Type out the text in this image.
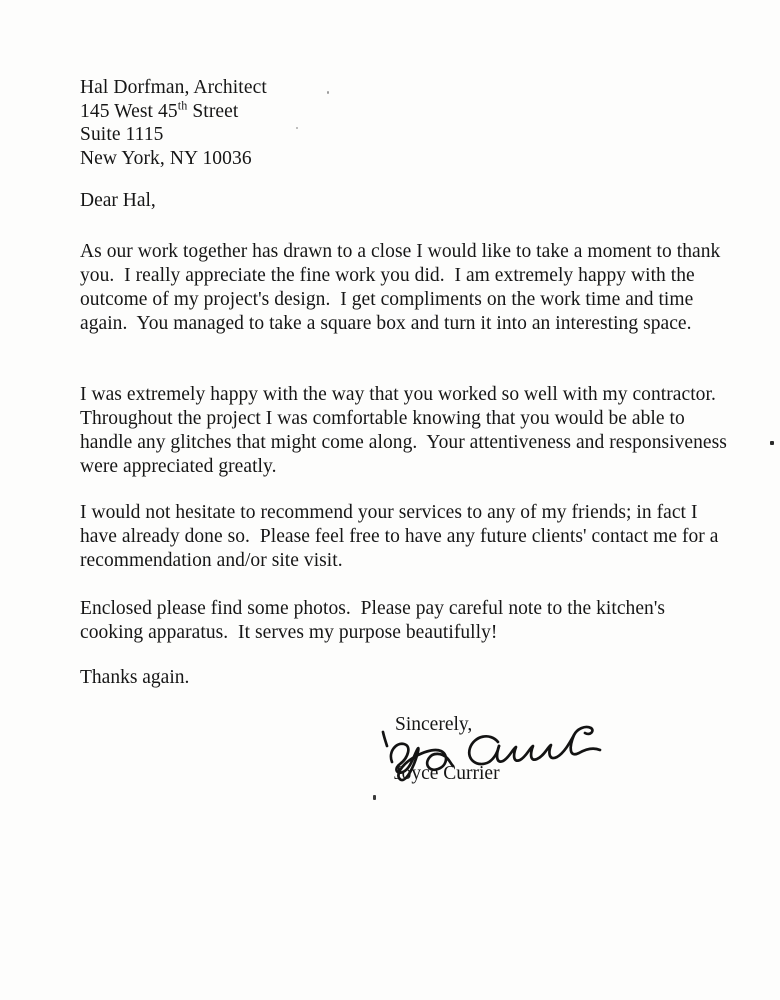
Hal Dorfman, Architect
145 West 45th Street
Suite 1115
New York, NY 10036
Dear Hal,

As our work together has drawn to a close I would like to take a moment to thank you.  I really appreciate the fine work you did.  I am extremely happy with the outcome of my project's design.  I get compliments on the work time and time again.  You managed to take a square box and turn it into an interesting space.

I was extremely happy with the way that you worked so well with my contractor.  Throughout the project I was comfortable knowing that you would be able to handle any glitches that might come along.  Your attentiveness and responsiveness were appreciated greatly.

I would not hesitate to recommend your services to any of my friends; in fact I have already done so.  Please feel free to have any future clients' contact me for a recommendation and/or site visit.

Enclosed please find some photos.  Please pay careful note to the kitchen's cooking apparatus.  It serves my purpose beautifully!

Thanks again.
Sincerely,
Joyce Currier
